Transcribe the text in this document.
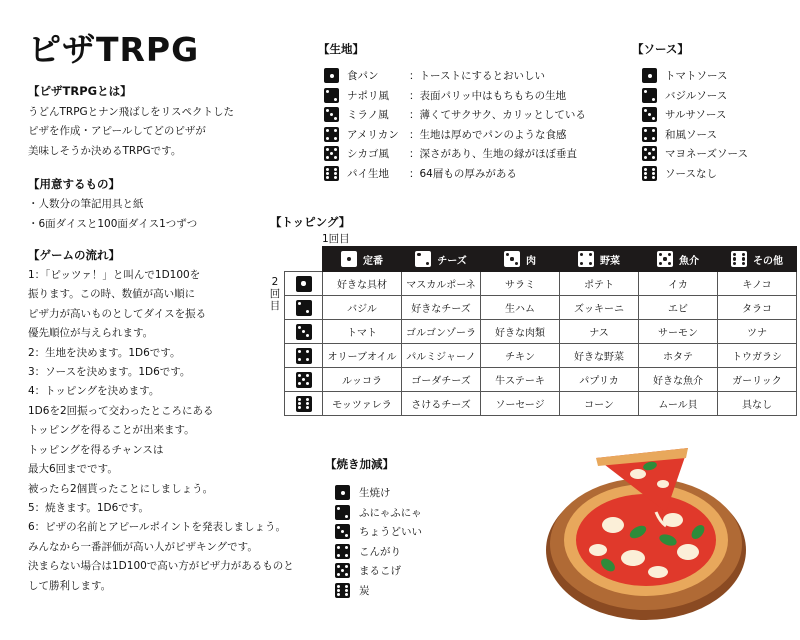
ピザTRPG
【ピザTRPGとは】
うどんTRPGとナン飛ばしをリスペクトした
ピザを作成・アピールしてどのピザが
美味しそうか決めるTRPGです。
【用意するもの】
・人数分の筆記用具と紙
・6面ダイスと100面ダイス1つずつ
【ゲームの流れ】
1：「ピッツァ！」と叫んで1D100を
振ります。この時、数値が高い順に
ピザ力が高いものとしてダイスを振る
優先順位が与えられます。
2：生地を決めます。1D6です。
3：ソースを決めます。1D6です。
4：トッピングを決めます。
1D6を2回振って交わったところにある
トッピングを得ることが出来ます。
トッピングを得るチャンスは
最大6回までです。
被ったら2個貰ったことにしましょう。
5：焼きます。1D6です。
6：ピザの名前とアピールポイントを発表しましょう。
みんなから一番評価が高い人がピザキングです。
決まらない場合は1D100で高い方がピザ力があるものと
して勝利します。
【生地】
食パン	：トーストにするとおいしい
ナポリ風	：表面パリッ中はもちもちの生地
ミラノ風	：薄くてサクサク、カリッとしている
アメリカン ：生地は厚めでパンのような食感
シカゴ風	：深さがあり、生地の縁がほぼ垂直
パイ生地	：64層もの厚みがある
【ソース】
トマトソース
バジルソース
サルサソース
和風ソース
マヨネーズソース
ソースなし
【トッピング】
1回目
2
回
目

	定番	チーズ	肉	野菜	魚介	その他

	好きな具材	マスカルポーネ	サラミ	ポテト	イカ	キノコ

	バジル	好きなチーズ	生ハム	ズッキーニ	エビ	タラコ

	トマト	ゴルゴンゾーラ	好きな肉類	ナス	サーモン	ツナ

	オリーブオイル	パルミジャーノ	チキン	好きな野菜	ホタテ	トウガラシ

	ルッコラ	ゴーダチーズ	牛ステーキ	パプリカ	好きな魚介	ガーリック

	モッツァレラ	さけるチーズ	ソーセージ	コーン	ムール貝	具なし
【焼き加減】
生焼け
ふにゃふにゃ
ちょうどいい
こんがり
まるこげ
炭
